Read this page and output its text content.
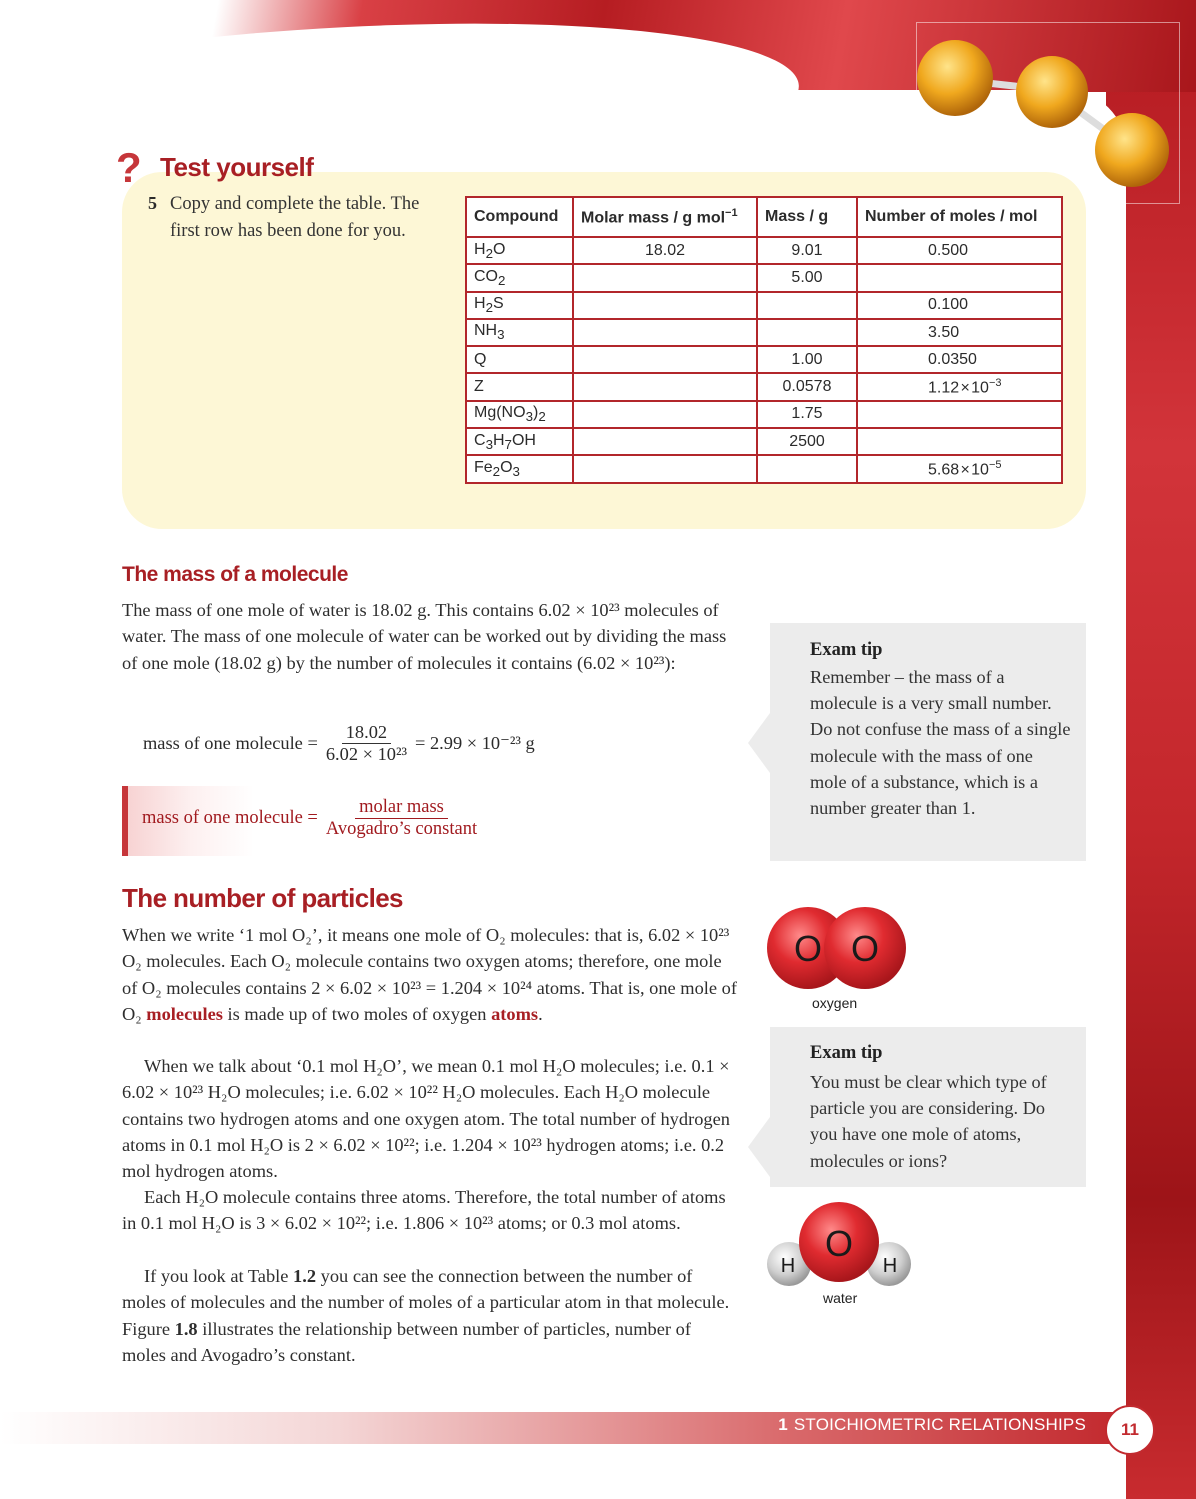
? Test yourself
5 Copy and complete the table. The first row has been done for you.
Compound	Molar mass / g mol$^{-1}$	Mass / g	Number of moles / mol
$H_2O$	18.02	9.01	0.500
$CO_2$		5.00	
$H_2S$			0.100
$NH_3$			3.50
Q		1.00	0.0350
Z		0.0578	1.12 × $10^{-3}$
$Mg(NO_3)_2$		1.75	
$C_3H_7OH$		2500	
$Fe_2O_3$			5.68 × $10^{-5}$
The mass of a molecule
The mass of one mole of water is 18.02 g. This contains 6.02 × 10²³ molecules of water. The mass of one molecule of water can be worked out by dividing the mass of one mole (18.02 g) by the number of molecules it contains (6.02 × 10²³):
mass of one molecule = $\frac{18.02}{\text{6.02 × 10²³}} = 2.99 \times 10^{-23}$ g
mass of one molecule = $\frac{\text{molar mass}}{\text{Avogadro’s constant}}$
The number of particles
When we write ‘1 mol O₂’, it means one mole of O₂ molecules: that is, 6.02 × 10²³ O₂ molecules. Each O₂ molecule contains two oxygen atoms; therefore, one mole of O₂ molecules contains 2 × 6.02 × 10²³ = 1.204 × 10²⁴ atoms. That is, one mole of O₂ molecules is made up of two moles of oxygen atoms.
When we talk about ‘0.1 mol H₂O’, we mean 0.1 mol H₂O molecules; i.e. 0.1 × 6.02 × 10²³ H₂O molecules; i.e. 6.02 × 10²² H₂O molecules. Each H₂O molecule contains two hydrogen atoms and one oxygen atom. The total number of hydrogen atoms in 0.1 mol H₂O is 2 × 6.02 × 10²²; i.e. 1.204 × 10²³ hydrogen atoms; i.e. 0.2 mol hydrogen atoms.
Each H₂O molecule contains three atoms. Therefore, the total number of atoms in 0.1 mol H₂O is 3 × 6.02 × 10²²; i.e. 1.806 × 10²³ atoms; or 0.3 mol atoms.
If you look at Table 1.2 you can see the connection between the number of moles of molecules and the number of moles of a particular atom in that molecule. Figure 1.8 illustrates the relationship between number of particles, number of moles and Avogadro’s constant.
Exam tip
Remember – the mass of a molecule is a very small number. Do not confuse the mass of a single molecule with the mass of one mole of a substance, which is a number greater than 1.
Exam tip
You must be clear which type of particle you are considering. Do you have one mole of atoms, molecules or ions?
O O
oxygen
O
H	H
water
1 STOICHIOMETRIC RELATIONSHIPS	11
